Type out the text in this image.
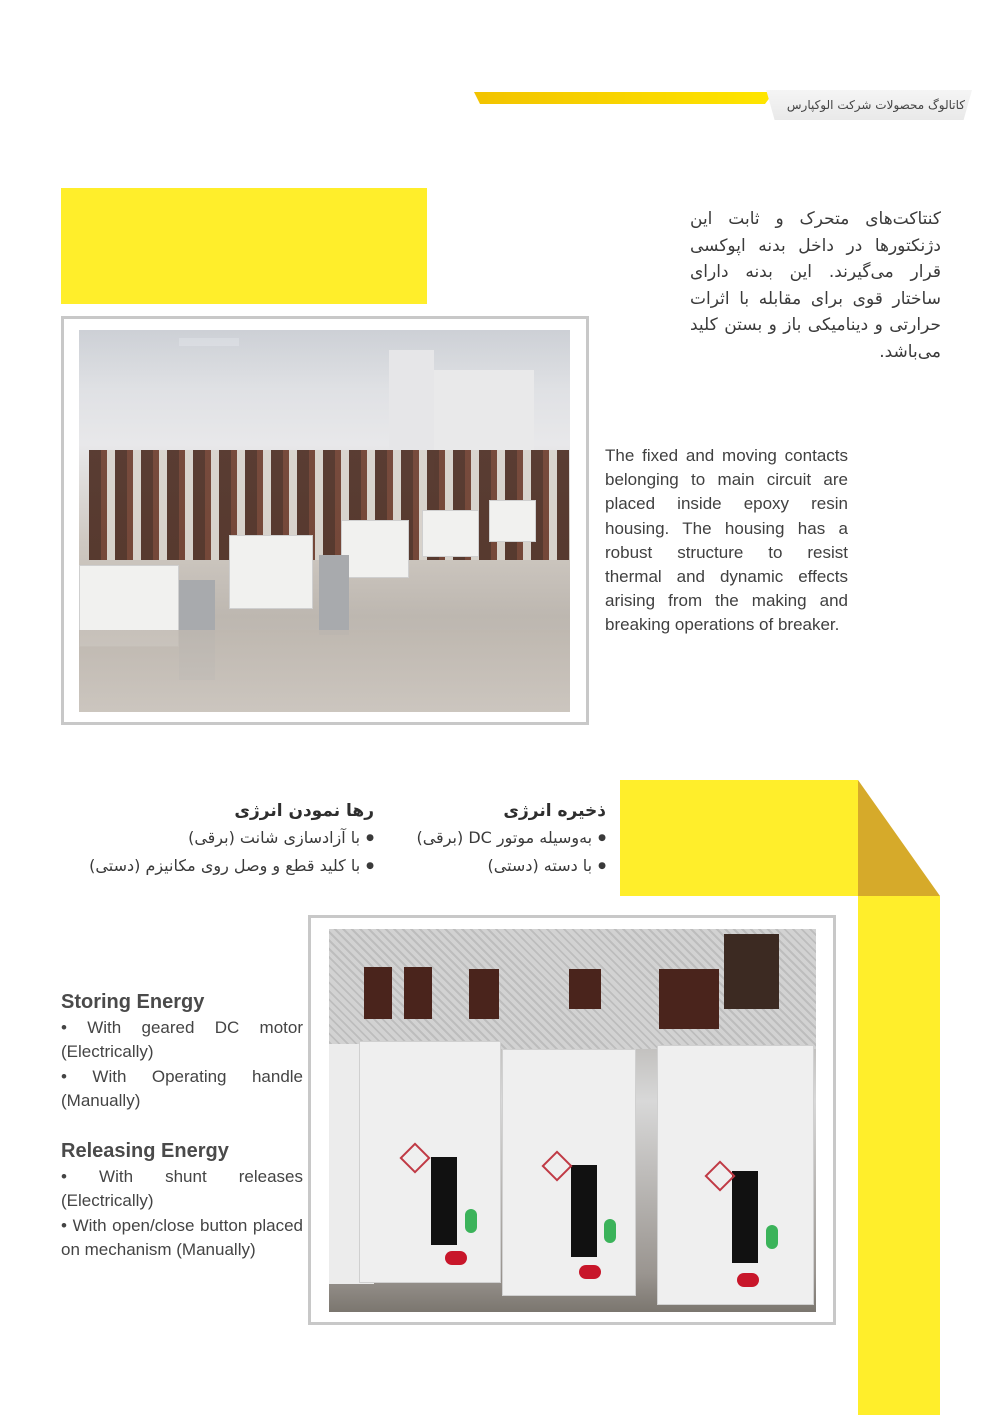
کاتالوگ محصولات شرکت الوکپارس
کنتاکت‌های متحرک و ثابت این دژنکتورها در داخل بدنه اپوکسی قرار می‌گیرند. این بدنه دارای ساختار قوی برای مقابله با اثرات حرارتی و دینامیکی باز و بستن کلید می‌باشد.
The fixed and moving contacts belonging to main circuit are placed inside epoxy resin housing. The housing has a robust structure to resist thermal and dynamic effects arising from the making and breaking operations of breaker.
ذخیره انرژی
● به‌وسیله موتور DC (برقی)
● با دسته (دستی)
رها نمودن انرژی
● با آزادسازی شانت (برقی)
● با کلید قطع و وصل روی مکانیزم (دستی)
Storing Energy
• With geared DC motor (Electrically)
• With Operating handle (Manually)
Releasing Energy
• With shunt releases (Electrically)
• With open/close button placed on mechanism (Manually)
